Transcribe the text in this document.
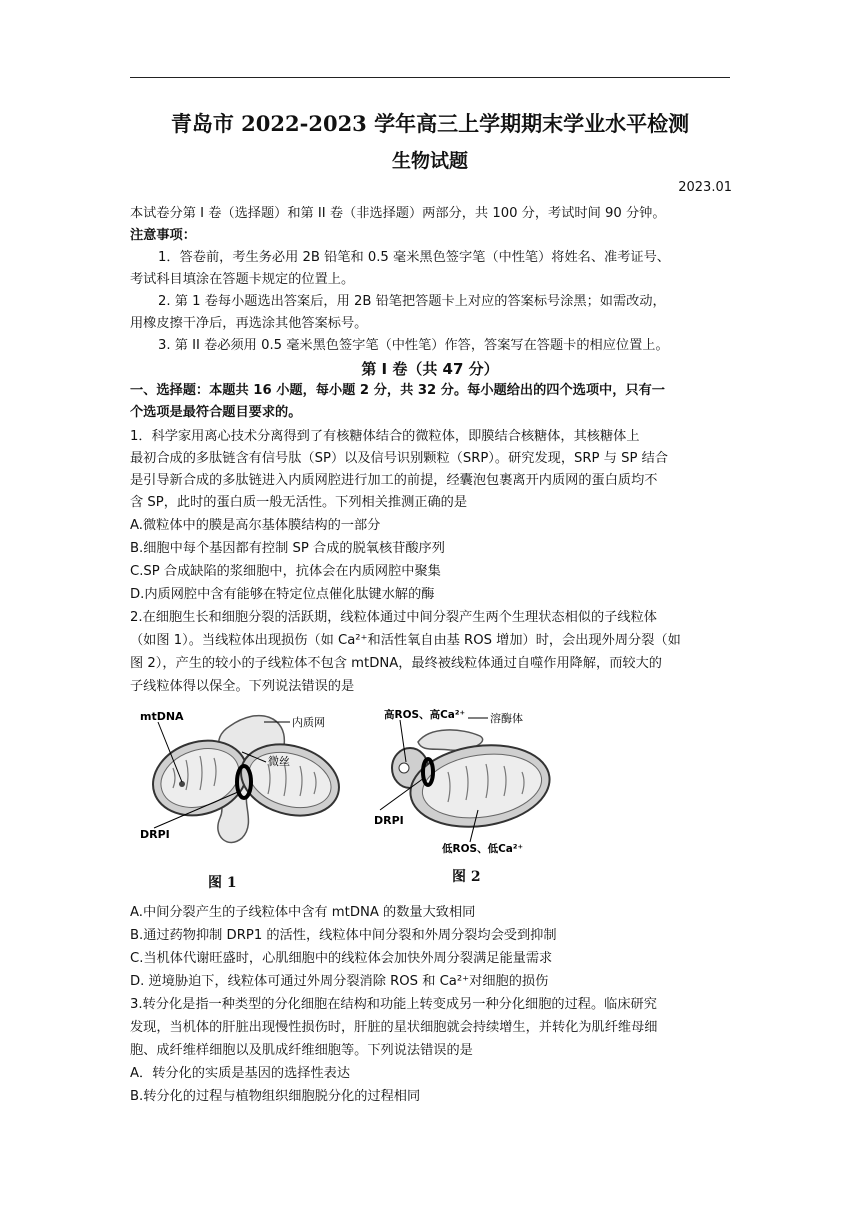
青岛市 2022-2023 学年高三上学期期末学业水平检测
生物试题
2023.01
本试卷分第 I 卷（选择题）和第 II 卷（非选择题）两部分，共 100 分，考试时间 90 分钟。
注意事项：
1．答卷前，考生务必用 2B 铅笔和 0.5 毫米黑色签字笔（中性笔）将姓名、准考证号、
考试科目填涂在答题卡规定的位置上。
2. 第 1 卷每小题选出答案后，用 2B 铅笔把答题卡上对应的答案标号涂黑；如需改动，
用橡皮擦干净后，再选涂其他答案标号。
3. 第 II 卷必须用 0.5 毫米黑色签字笔（中性笔）作答，答案写在答题卡的相应位置上。
第 I 卷（共 47 分）
一、选择题：本题共 16 小题，每小题 2 分，共 32 分。每小题给出的四个选项中，只有一
个选项是最符合题目要求的。
1．科学家用离心技术分离得到了有核糖体结合的微粒体，即膜结合核糖体，其核糖体上
最初合成的多肽链含有信号肽（SP）以及信号识别颗粒（SRP）。研究发现，SRP 与 SP 结合
是引导新合成的多肽链进入内质网腔进行加工的前提，经囊泡包裹离开内质网的蛋白质均不
含 SP，此时的蛋白质一般无活性。下列相关推测正确的是
A.微粒体中的膜是高尔基体膜结构的一部分
B.细胞中每个基因都有控制 SP 合成的脱氧核苷酸序列
C.SP 合成缺陷的浆细胞中，抗体会在内质网腔中聚集
D.内质网腔中含有能够在特定位点催化肽键水解的酶
2.在细胞生长和细胞分裂的活跃期，线粒体通过中间分裂产生两个生理状态相似的子线粒体
（如图 1）。当线粒体出现损伤（如 Ca²⁺和活性氧自由基 ROS 增加）时，会出现外周分裂（如
图 2），产生的较小的子线粒体不包含 mtDNA，最终被线粒体通过自噬作用降解，而较大的
子线粒体得以保全。下列说法错误的是
mtDNA	内质网
微丝
DRPI
图 1
高ROS、高Ca²⁺ 溶酶体
DRPI
低ROS、低Ca²⁺
图 2
A.中间分裂产生的子线粒体中含有 mtDNA 的数量大致相同
B.通过药物抑制 DRP1 的活性，线粒体中间分裂和外周分裂均会受到抑制
C.当机体代谢旺盛时，心肌细胞中的线粒体会加快外周分裂满足能量需求
D. 逆境胁迫下，线粒体可通过外周分裂消除 ROS 和 Ca²⁺对细胞的损伤
3.转分化是指一种类型的分化细胞在结构和功能上转变成另一种分化细胞的过程。临床研究
发现，当机体的肝脏出现慢性损伤时，肝脏的星状细胞就会持续增生，并转化为肌纤维母细
胞、成纤维样细胞以及肌成纤维细胞等。下列说法错误的是
A．转分化的实质是基因的选择性表达
B.转分化的过程与植物组织细胞脱分化的过程相同
